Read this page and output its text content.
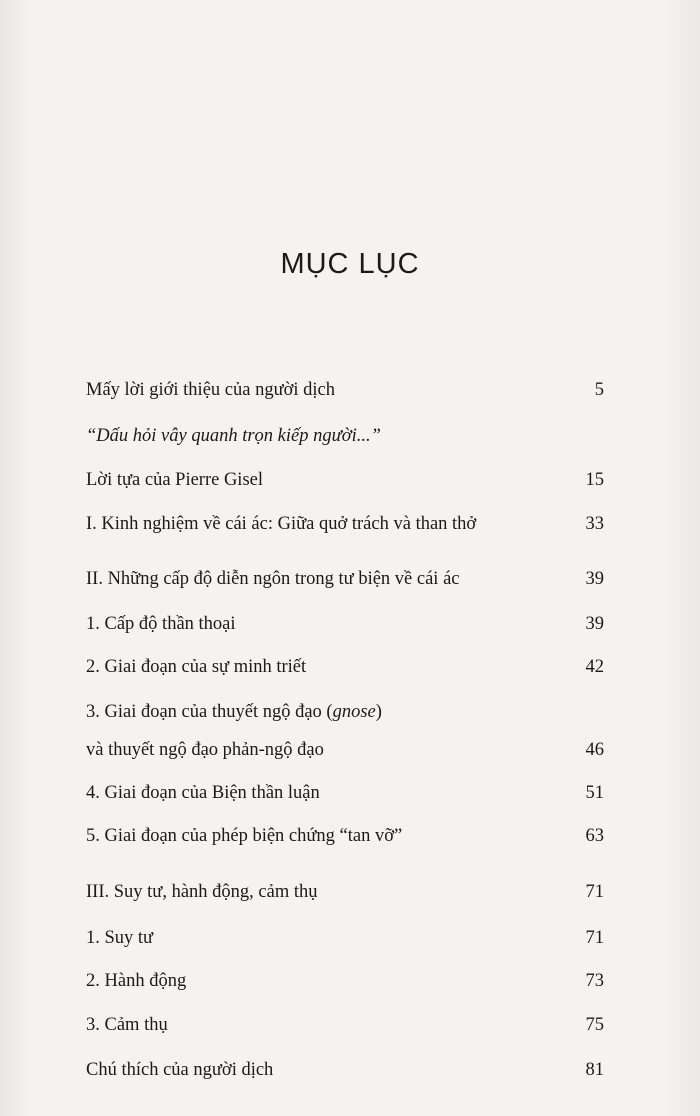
MỤC LỤC
Mấy lời giới thiệu của người dịch	5
“Dấu hỏi vây quanh trọn kiếp người...”
Lời tựa của Pierre Gisel	15
I. Kinh nghiệm về cái ác: Giữa quở trách và than thở	33
II. Những cấp độ diễn ngôn trong tư biện về cái ác	39
1. Cấp độ thần thoại	39
2. Giai đoạn của sự minh triết	42
3. Giai đoạn của thuyết ngộ đạo (gnose)
và thuyết ngộ đạo phản-ngộ đạo	46
4. Giai đoạn của Biện thần luận	51
5. Giai đoạn của phép biện chứng “tan vỡ”	63
III. Suy tư, hành động, cảm thụ	71
1. Suy tư	71
2. Hành động	73
3. Cảm thụ	75
Chú thích của người dịch	81
